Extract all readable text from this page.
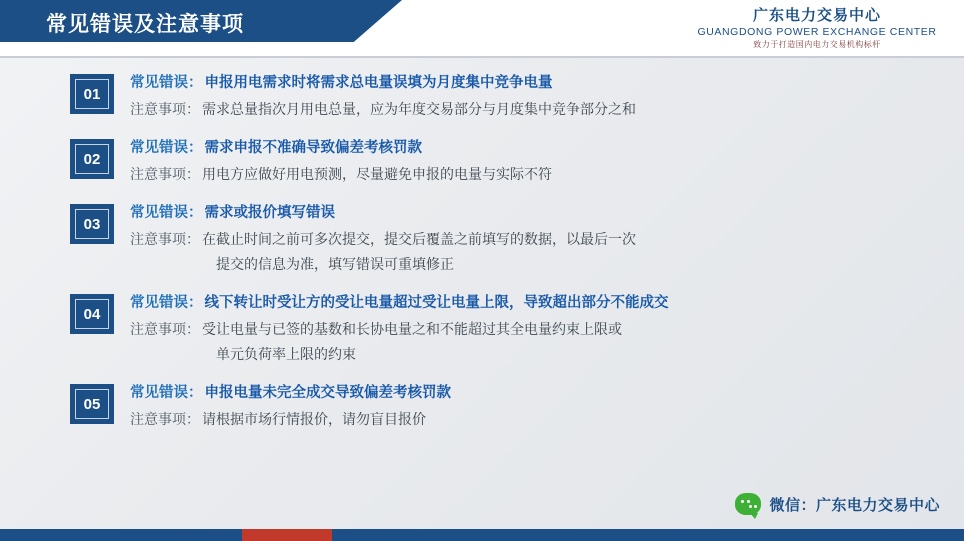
常见错误及注意事项	广东电力交易中心
GUANGDONG POWER EXCHANGE CENTER
致力于打造国内电力交易机构标杆
01
常见错误： 申报用电需求时将需求总电量误填为月度集中竞争电量
注意事项： 需求总量指次月用电总量，应为年度交易部分与月度集中竞争部分之和
02
常见错误： 需求申报不准确导致偏差考核罚款
注意事项： 用电方应做好用电预测，尽量避免申报的电量与实际不符
03
常见错误： 需求或报价填写错误
注意事项： 在截止时间之前可多次提交，提交后覆盖之前填写的数据，以最后一次
提交的信息为准，填写错误可重填修正
04
常见错误： 线下转让时受让方的受让电量超过受让电量上限，导致超出部分不能成交
注意事项： 受让电量与已签的基数和长协电量之和不能超过其全电量约束上限或
单元负荷率上限的约束
05
常见错误： 申报电量未完全成交导致偏差考核罚款
注意事项： 请根据市场行情报价，请勿盲目报价
微信：广东电力交易中心
